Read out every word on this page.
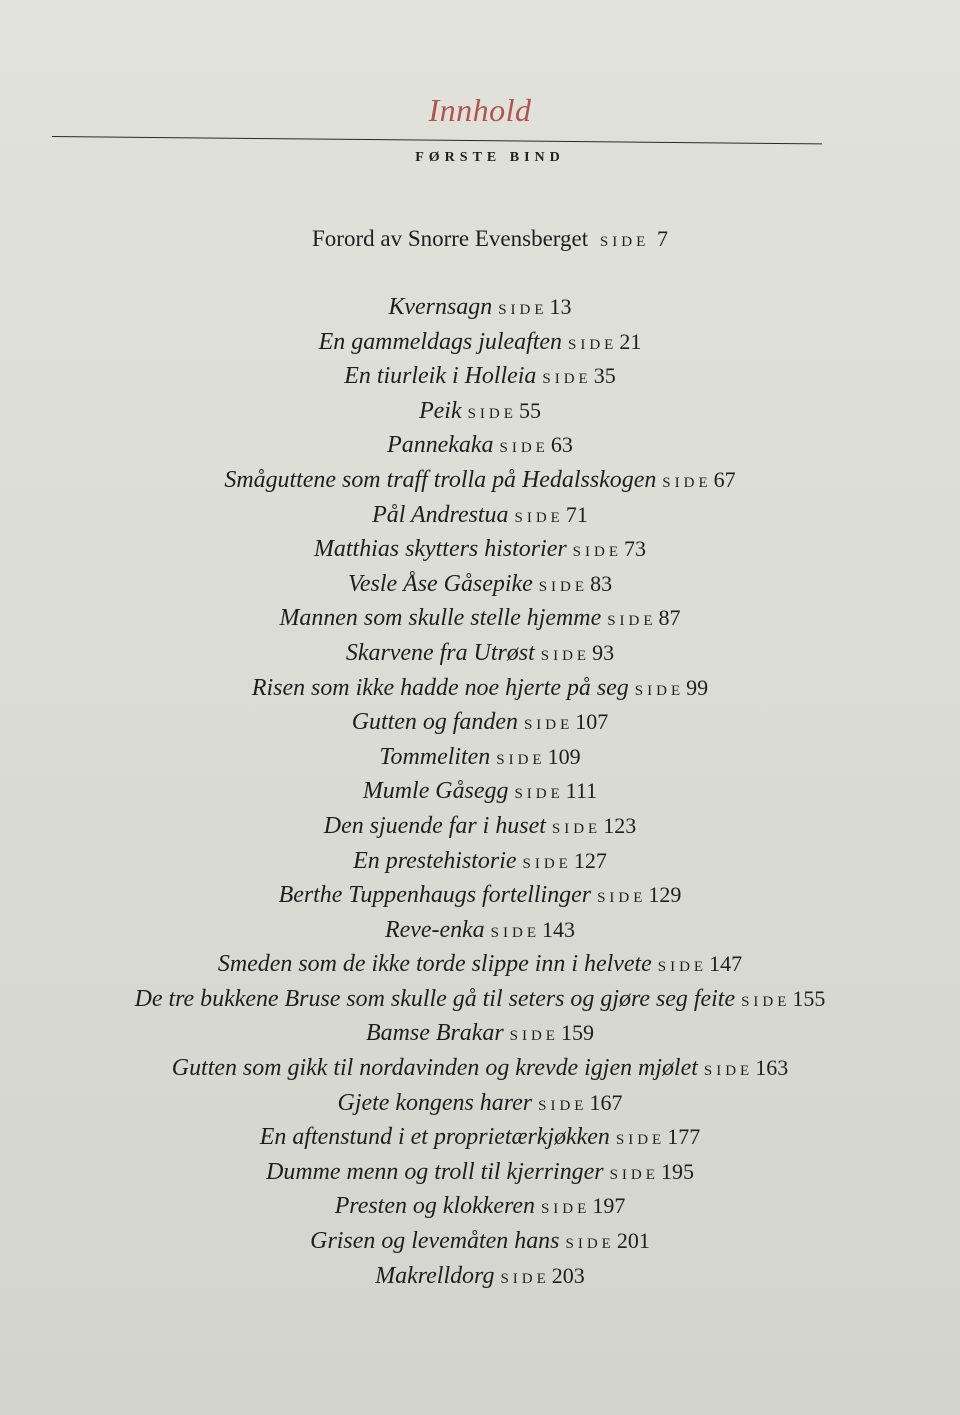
Innhold
FØRSTE BIND
Forord av Snorre Evensberget SIDE 7
Kvernsagn SIDE13
En gammeldags juleaften SIDE21
En tiurleik i Holleia SIDE35
Peik SIDE55
Pannekaka SIDE63
Småguttene som traff trolla på Hedalsskogen SIDE67
Pål Andrestua SIDE71
Matthias skytters historier SIDE73
Vesle Åse Gåsepike SIDE83
Mannen som skulle stelle hjemme SIDE87
Skarvene fra Utrøst SIDE93
Risen som ikke hadde noe hjerte på seg SIDE99
Gutten og fanden SIDE107
Tommeliten SIDE109
Mumle Gåsegg SIDE111
Den sjuende far i huset SIDE123
En prestehistorie SIDE127
Berthe Tuppenhaugs fortellinger SIDE129
Reve-enka SIDE143
Smeden som de ikke torde slippe inn i helvete SIDE147
De tre bukkene Bruse som skulle gå til seters og gjøre seg feite SIDE155
Bamse Brakar SIDE159
Gutten som gikk til nordavinden og krevde igjen mjølet SIDE163
Gjete kongens harer SIDE167
En aftenstund i et proprietærkjøkken SIDE177
Dumme menn og troll til kjerringer SIDE195
Presten og klokkeren SIDE197
Grisen og levemåten hans SIDE201
Makrelldorg SIDE203
